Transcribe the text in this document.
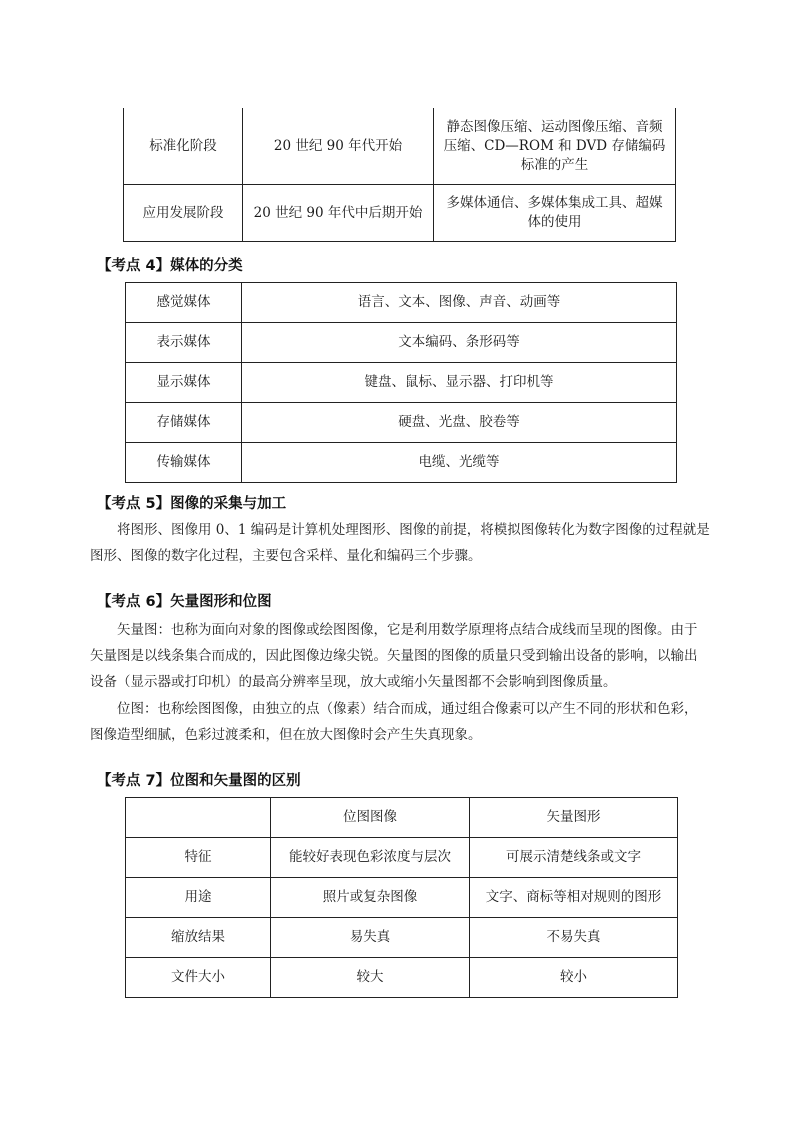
标准化阶段	20 世纪 90 年代开始	静态图像压缩、运动图像压缩、音频压缩、CD—ROM 和 DVD 存储编码标准的产生
应用发展阶段	20 世纪 90 年代中后期开始	多媒体通信、多媒体集成工具、超媒体的使用
【考点 4】媒体的分类
感觉媒体	语言、文本、图像、声音、动画等
表示媒体	文本编码、条形码等
显示媒体	键盘、鼠标、显示器、打印机等
存储媒体	硬盘、光盘、胶卷等
传输媒体	电缆、光缆等
【考点 5】图像的采集与加工

将图形、图像用 0、1 编码是计算机处理图形、图像的前提，将模拟图像转化为数字图像的过程就是图形、图像的数字化过程，主要包含采样、量化和编码三个步骤。

【考点 6】矢量图形和位图

矢量图：也称为面向对象的图像或绘图图像，它是利用数学原理将点结合成线而呈现的图像。由于矢量图是以线条集合而成的，因此图像边缘尖锐。矢量图的图像的质量只受到输出设备的影响，以输出设备（显示器或打印机）的最高分辨率呈现，放大或缩小矢量图都不会影响到图像质量。

位图：也称绘图图像，由独立的点（像素）结合而成，通过组合像素可以产生不同的形状和色彩，图像造型细腻，色彩过渡柔和，但在放大图像时会产生失真现象。

【考点 7】位图和矢量图的区别
	位图图像	矢量图形
特征	能较好表现色彩浓度与层次	可展示清楚线条或文字
用途	照片或复杂图像	文字、商标等相对规则的图形
缩放结果	易失真	不易失真
文件大小	较大	较小
